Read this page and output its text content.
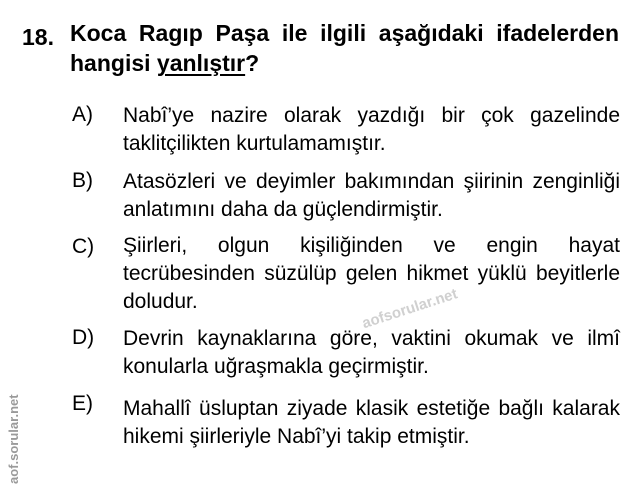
18. Koca Ragıp Paşa ile ilgili aşağıdaki ifadelerden hangisi yanlıştır?
A) Nabî’ye nazire olarak yazdığı bir çok gazelinde taklitçilikten kurtulamamıştır.
B) Atasözleri ve deyimler bakımından şiirinin zenginliği anlatımını daha da güçlendirmiştir.
C) Şiirleri, olgun kişiliğinden ve engin hayat tecrübesinden süzülüp gelen hikmet yüklü beyitlerle doludur.
D) Devrin kaynaklarına göre, vaktini okumak ve ilmî konularla uğraşmakla geçirmiştir.
E) Mahallî üsluptan ziyade klasik estetiğe bağlı kalarak hikemi şiirleriyle Nabî’yi takip etmiştir.
aofsorular.net
aof.sorular.net
